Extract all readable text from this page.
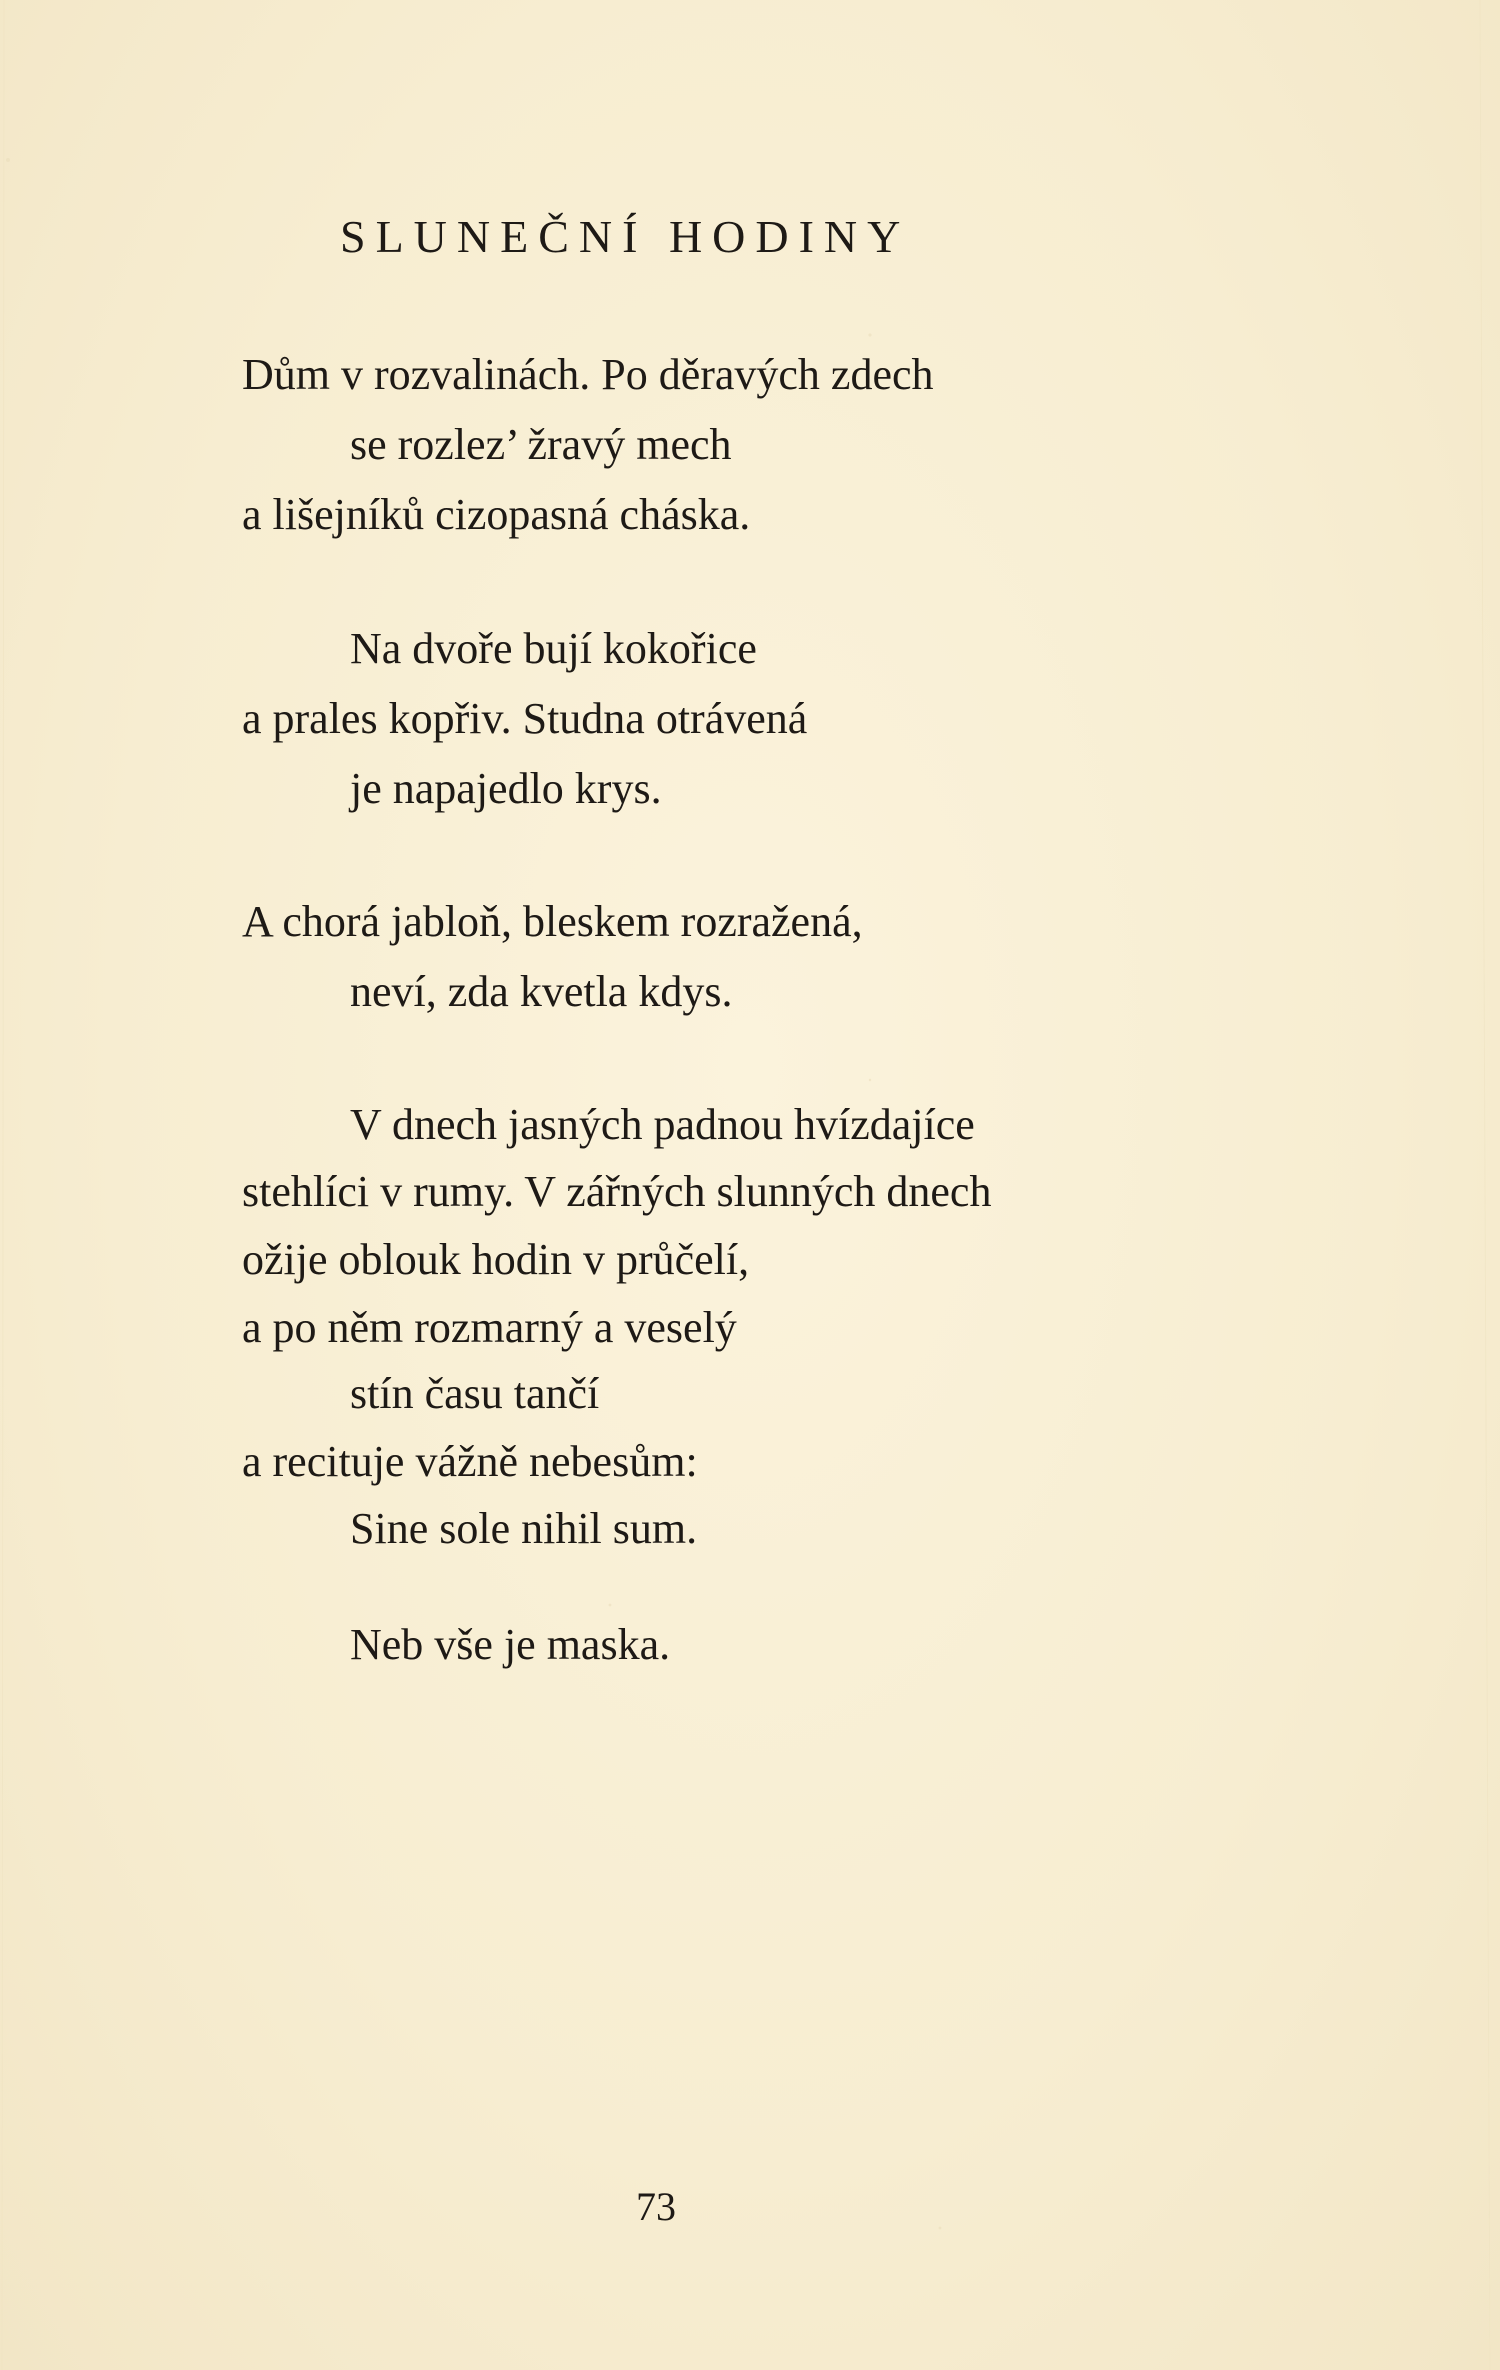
SLUNEČNÍ HODINY
Dům v rozvalinách. Po děravých zdech
se rozlez’ žravý mech
a lišejníků cizopasná cháska.
Na dvoře bují kokořice
a prales kopřiv. Studna otrávená
je napajedlo krys.
A chorá jabloň, bleskem rozražená,
neví, zda kvetla kdys.
V dnech jasných padnou hvízdajíce
stehlíci v rumy. V zářných slunných dnech
ožije oblouk hodin v průčelí,
a po něm rozmarný a veselý
stín času tančí
a recituje vážně nebesům:
Sine sole nihil sum.
Neb vše je maska.
73
